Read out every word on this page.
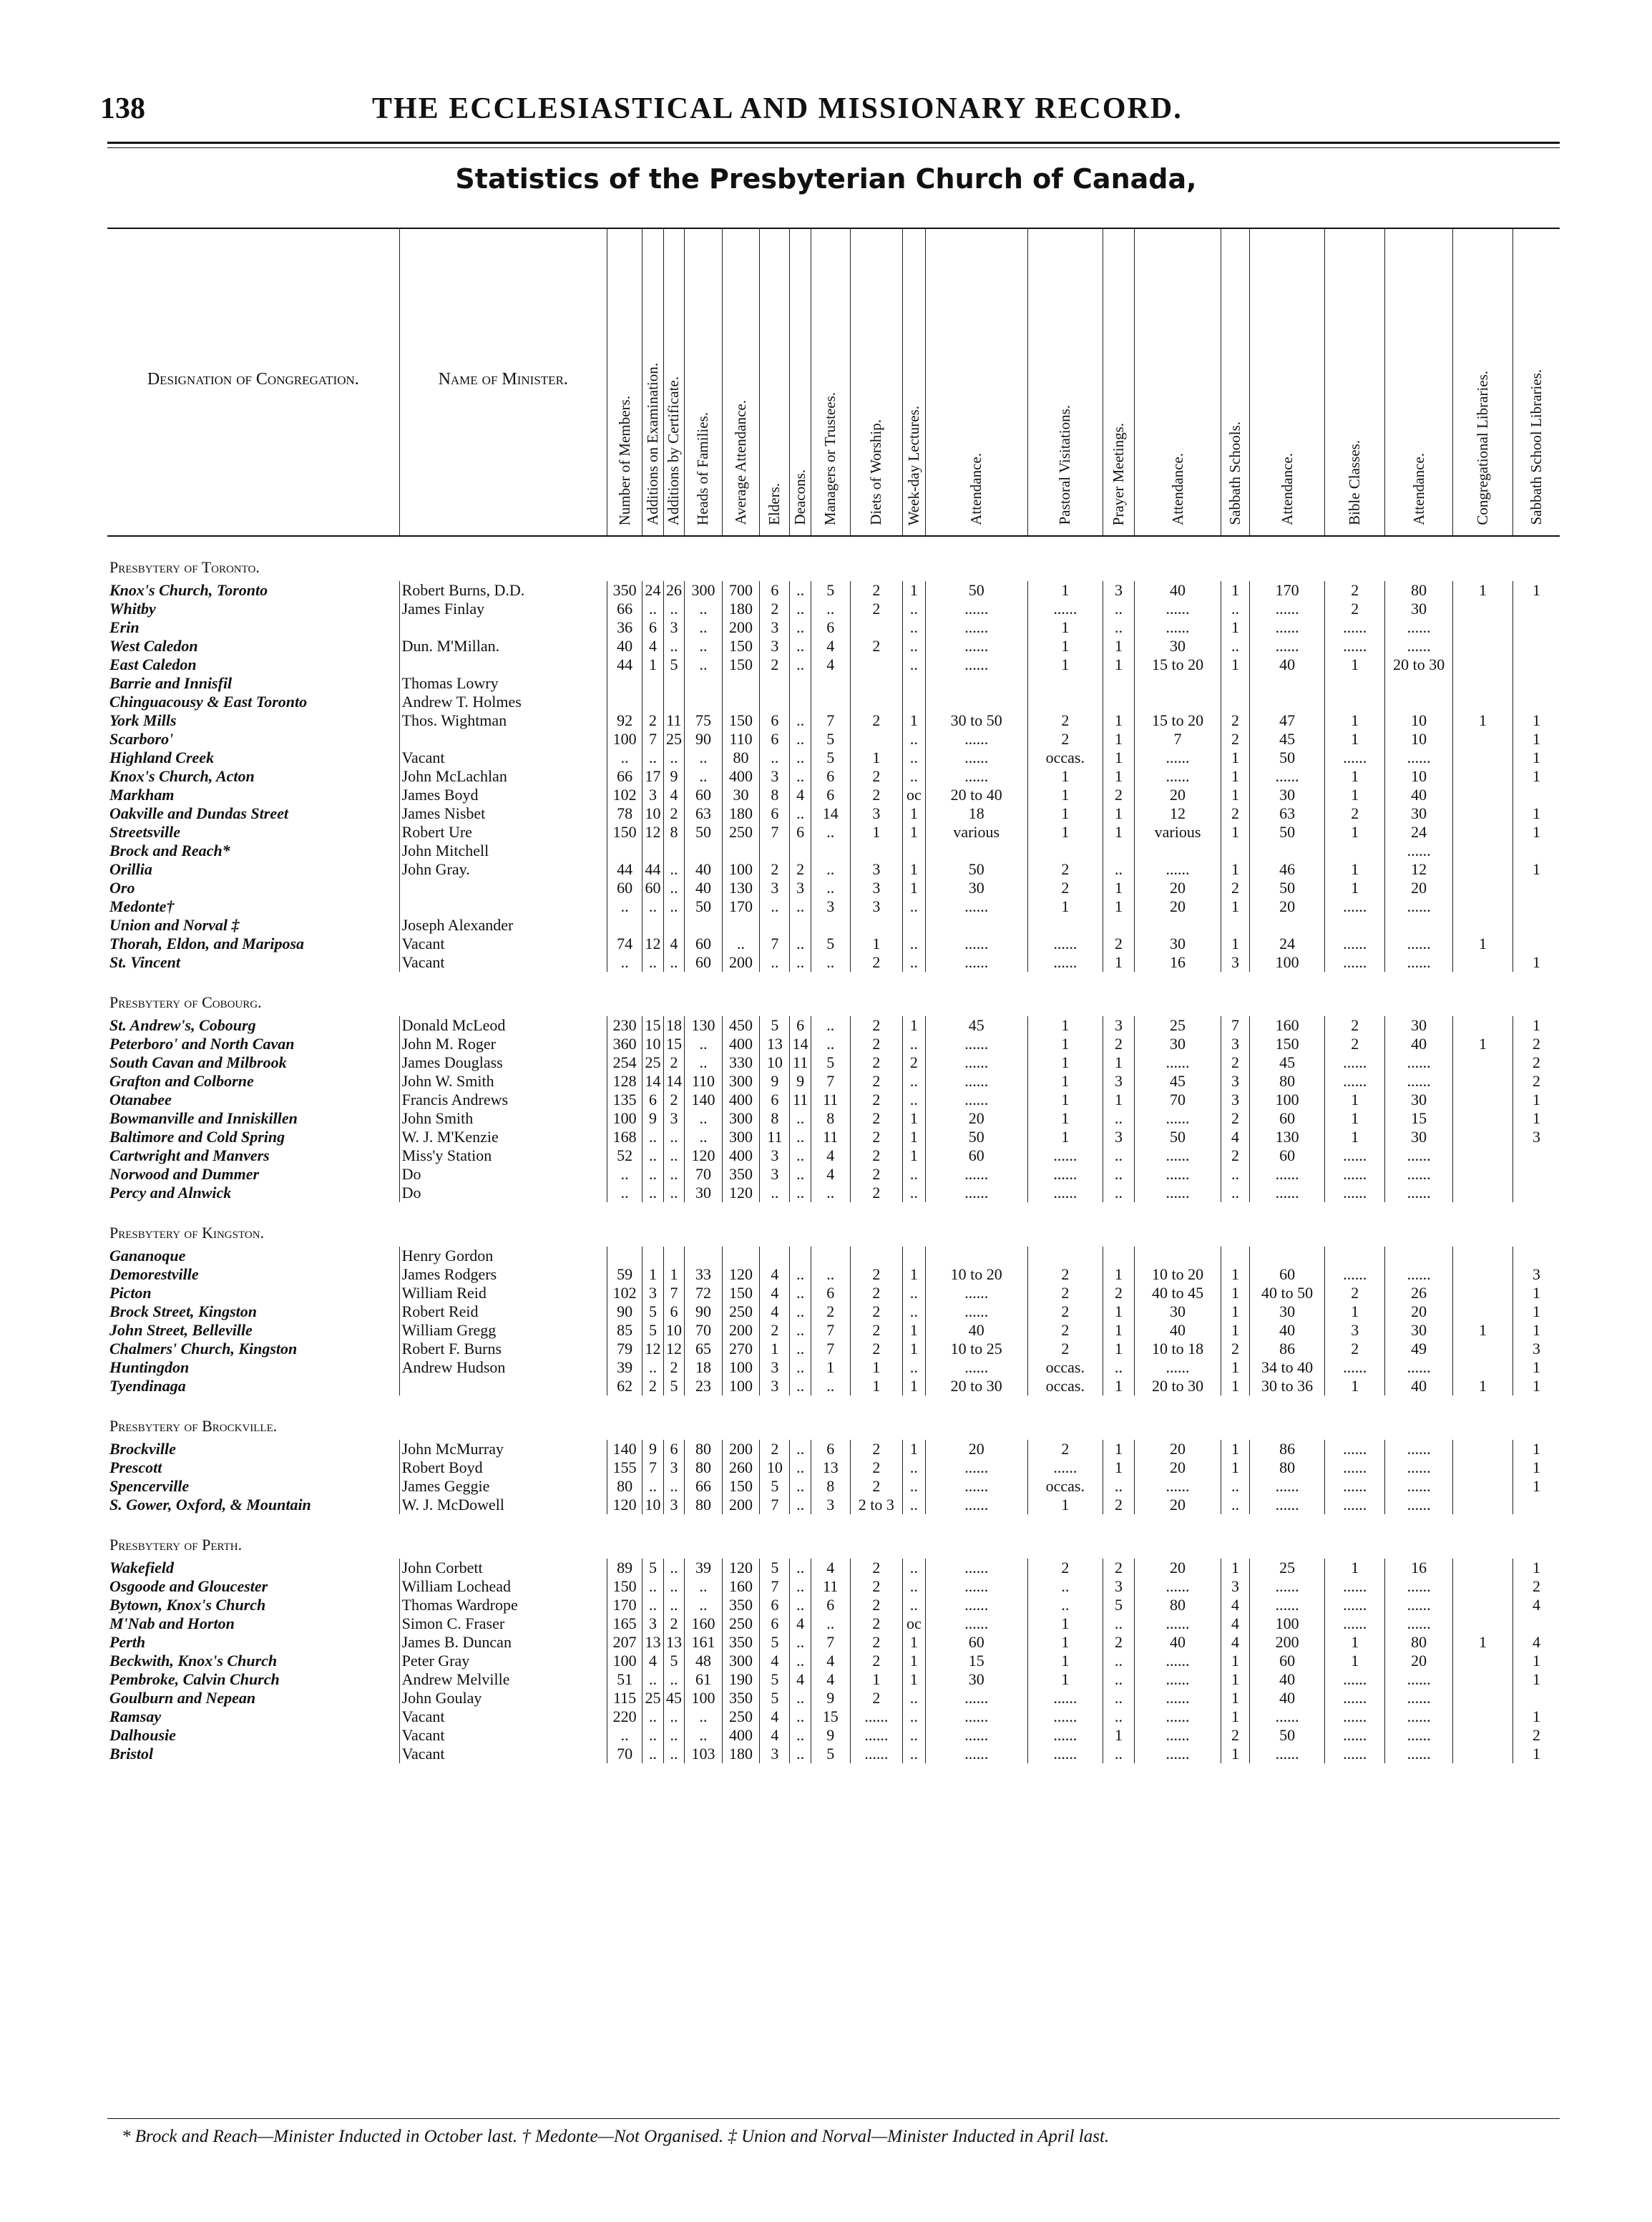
138	THE ECCLESIASTICAL AND MISSIONARY RECORD.
Statistics of the Presbyterian Church of Canada,
Designation of Congregation.	Name of Minister.	Number of Members.	Additions on Examination.	Additions by Certificate.	Heads of Families.	Average Attendance.	Elders.	Deacons.	Managers or Trustees.	Diets of Worship.	Week-day Lectures.	Attendance.	Pastoral Visitations.	Prayer Meetings.	Attendance.	Sabbath Schools.	Attendance.	Bible Classes.	Attendance.	Congregational Libraries.	Sabbath School Libraries.
Presbytery of Toronto.																					
Knox's Church, Toronto	Robert Burns, D.D.	350	24	26	300	700	6	..	5	2	1	50	1	3	40	1	170	2	80	1	1
Whitby	James Finlay	66	..	..	..	180	2	..	..	2	..	......	......	..	......	..	......	2	30		
Erin		36	6	3	..	200	3	..	6		..	......	1	..	......	1	......	......	......		
West Caledon	Dun. M'Millan.	40	4	..	..	150	3	..	4	2	..	......	1	1	30	..	......	......	......		
East Caledon		44	1	5	..	150	2	..	4		..	......	1	1	15 to 20	1	40	1	20 to 30		
Barrie and Innisfil	Thomas Lowry																				
Chinguacousy & East Toronto	Andrew T. Holmes																				
York Mills	Thos. Wightman	92	2	11	75	150	6	..	7	2	1	30 to 50	2	1	15 to 20	2	47	1	10	1	1
Scarboro'		100	7	25	90	110	6	..	5		..	......	2	1	7	2	45	1	10		1
Highland Creek	Vacant	..	..	..	..	80	..	..	5	1	..	......	occas.	1	......	1	50	......	......		1
Knox's Church, Acton	John McLachlan	66	17	9	..	400	3	..	6	2	..	......	1	1	......	1	......	1	10		1
Markham	James Boyd	102	3	4	60	30	8	4	6	2	oc	20 to 40	1	2	20	1	30	1	40		
Oakville and Dundas Street	James Nisbet	78	10	2	63	180	6	..	14	3	1	18	1	1	12	2	63	2	30		1
Streetsville	Robert Ure	150	12	8	50	250	7	6	..	1	1	various	1	1	various	1	50	1	24		1
Brock and Reach*	John Mitchell																		......		
Orillia	John Gray.	44	44	..	40	100	2	2	..	3	1	50	2	..	......	1	46	1	12		1
Oro		60	60	..	40	130	3	3	..	3	1	30	2	1	20	2	50	1	20		
Medonte†		..	..	..	50	170	..	..	3	3	..	......	1	1	20	1	20	......	......		
Union and Norval ‡	Joseph Alexander																				
Thorah, Eldon, and Mariposa	Vacant	74	12	4	60	..	7	..	5	1	..	......	......	2	30	1	24	......	......	1	
St. Vincent	Vacant	..	..	..	60	200	..	..	..	2	..	......	......	1	16	3	100	......	......		1
Presbytery of Cobourg.																					
St. Andrew's, Cobourg	Donald McLeod	230	15	18	130	450	5	6	..	2	1	45	1	3	25	7	160	2	30		1
Peterboro' and North Cavan	John M. Roger	360	10	15	..	400	13	14	..	2	..	......	1	2	30	3	150	2	40	1	2
South Cavan and Milbrook	James Douglass	254	25	2	..	330	10	11	5	2	2	......	1	1	......	2	45	......	......		2
Grafton and Colborne	John W. Smith	128	14	14	110	300	9	9	7	2	..	......	1	3	45	3	80	......	......		2
Otanabee	Francis Andrews	135	6	2	140	400	6	11	11	2	..	......	1	1	70	3	100	1	30		1
Bowmanville and Inniskillen	John Smith	100	9	3	..	300	8	..	8	2	1	20	1	..	......	2	60	1	15		1
Baltimore and Cold Spring	W. J. M'Kenzie	168	..	..	..	300	11	..	11	2	1	50	1	3	50	4	130	1	30		3
Cartwright and Manvers	Miss'y Station	52	..	..	120	400	3	..	4	2	1	60	......	..	......	2	60	......	......		
Norwood and Dummer	Do	..	..	..	70	350	3	..	4	2	..	......	......	..	......	..	......	......	......		
Percy and Alnwick	Do	..	..	..	30	120	..	..	..	2	..	......	......	..	......	..	......	......	......		
Presbytery of Kingston.																					
Gananoque	Henry Gordon																				
Demorestville	James Rodgers	59	1	1	33	120	4	..	..	2	1	10 to 20	2	1	10 to 20	1	60	......	......		3
Picton	William Reid	102	3	7	72	150	4	..	6	2	..	......	2	2	40 to 45	1	40 to 50	2	26		1
Brock Street, Kingston	Robert Reid	90	5	6	90	250	4	..	2	2	..	......	2	1	30	1	30	1	20		1
John Street, Belleville	William Gregg	85	5	10	70	200	2	..	7	2	1	40	2	1	40	1	40	3	30	1	1
Chalmers' Church, Kingston	Robert F. Burns	79	12	12	65	270	1	..	7	2	1	10 to 25	2	1	10 to 18	2	86	2	49		3
Huntingdon	Andrew Hudson	39	..	2	18	100	3	..	1	1	..	......	occas.	..	......	1	34 to 40	......	......		1
Tyendinaga		62	2	5	23	100	3	..	..	1	1	20 to 30	occas.	1	20 to 30	1	30 to 36	1	40	1	1
Presbytery of Brockville.																					
Brockville	John McMurray	140	9	6	80	200	2	..	6	2	1	20	2	1	20	1	86	......	......		1
Prescott	Robert Boyd	155	7	3	80	260	10	..	13	2	..	......	......	1	20	1	80	......	......		1
Spencerville	James Geggie	80	..	..	66	150	5	..	8	2	..	......	occas.	..	......	..	......	......	......		1
S. Gower, Oxford, & Mountain	W. J. McDowell	120	10	3	80	200	7	..	3	2 to 3	..	......	1	2	20	..	......	......	......		
Presbytery of Perth.																					
Wakefield	John Corbett	89	5	..	39	120	5	..	4	2	..	......	2	2	20	1	25	1	16		1
Osgoode and Gloucester	William Lochead	150	..	..	..	160	7	..	11	2	..	......	..	3	......	3	......	......	......		2
Bytown, Knox's Church	Thomas Wardrope	170	..	..	..	350	6	..	6	2	..	......	..	5	80	4	......	......	......		4
M'Nab and Horton	Simon C. Fraser	165	3	2	160	250	6	4	..	2	oc	......	1	..	......	4	100	......	......		
Perth	James B. Duncan	207	13	13	161	350	5	..	7	2	1	60	1	2	40	4	200	1	80	1	4
Beckwith, Knox's Church	Peter Gray	100	4	5	48	300	4	..	4	2	1	15	1	..	......	1	60	1	20		1
Pembroke, Calvin Church	Andrew Melville	51	..	..	61	190	5	4	4	1	1	30	1	..	......	1	40	......	......		1
Goulburn and Nepean	John Goulay	115	25	45	100	350	5	..	9	2	..	......	......	..	......	1	40	......	......		
Ramsay	Vacant	220	..	..	..	250	4	..	15	......	..	......	......	..	......	1	......	......	......		1
Dalhousie	Vacant	..	..	..	..	400	4	..	9	......	..	......	......	1	......	2	50	......	......		2
Bristol	Vacant	70	..	..	103	180	3	..	5	......	..	......	......	..	......	1	......	......	......		1
* Brock and Reach—Minister Inducted in October last. † Medonte—Not Organised. ‡ Union and Norval—Minister Inducted in April last.
